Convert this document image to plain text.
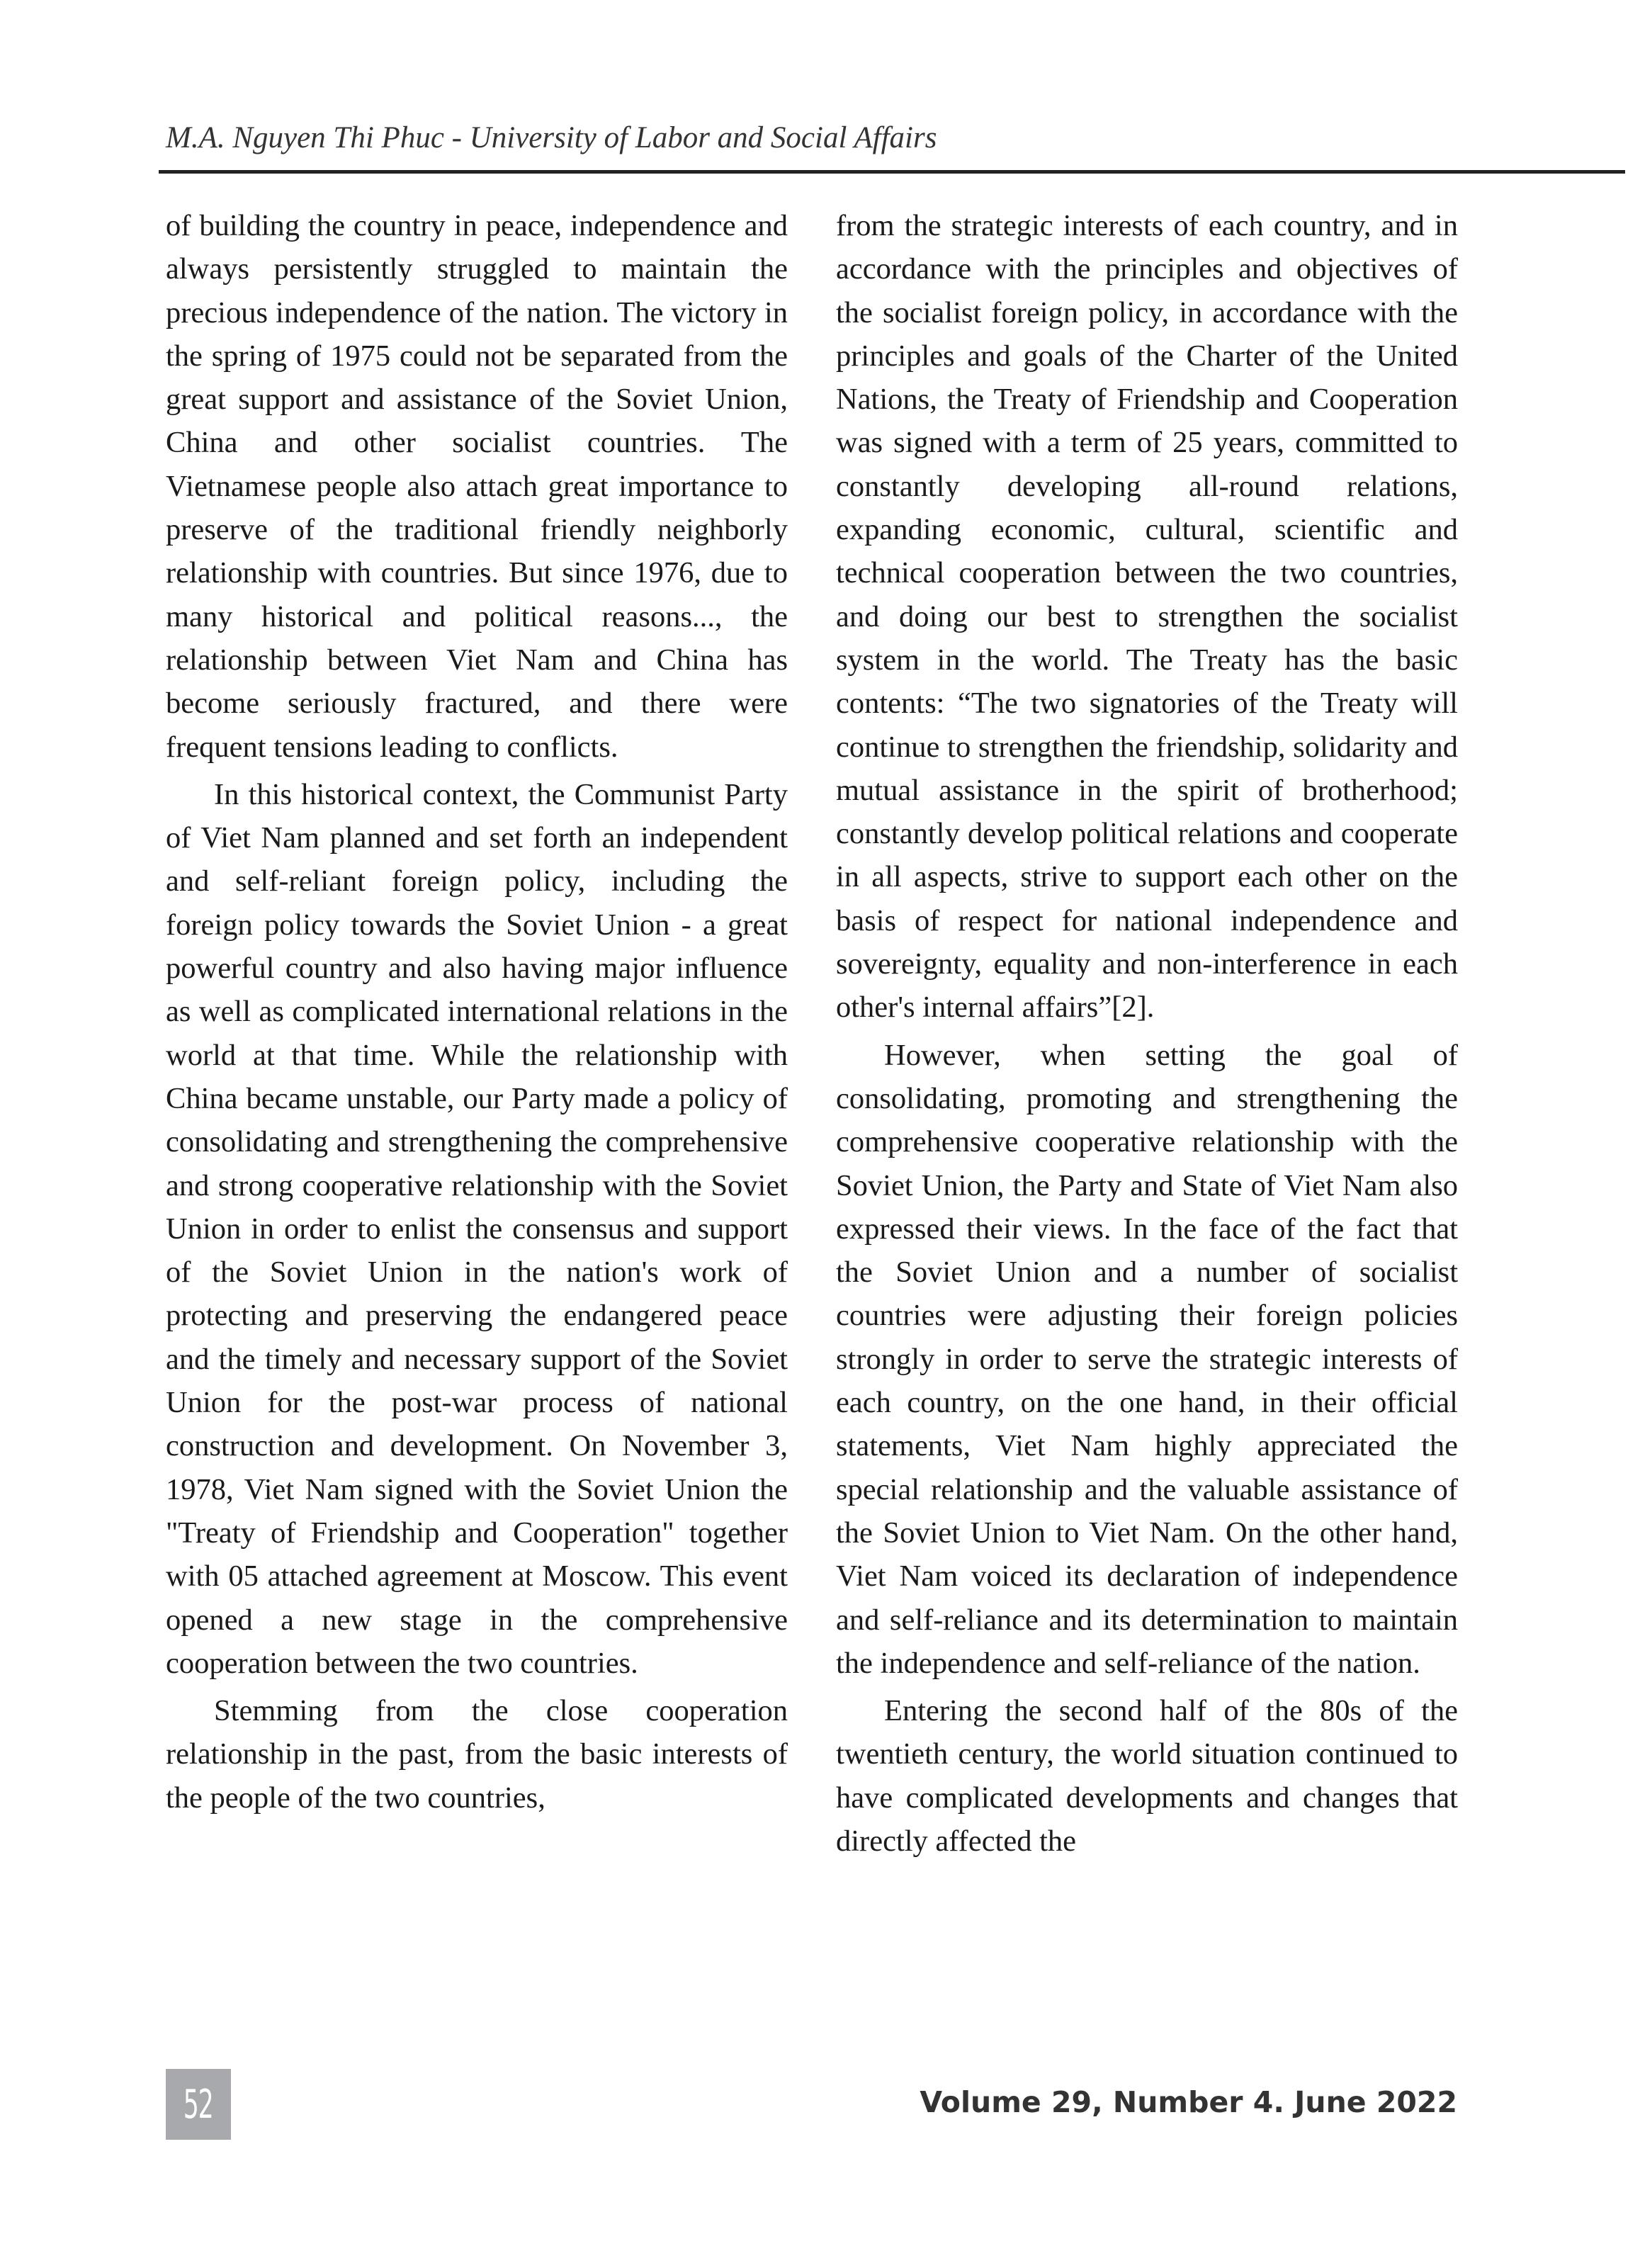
M.A. Nguyen Thi Phuc - University of Labor and Social Affairs

of building the country in peace, independence and always persistently struggled to maintain the precious independence of the nation. The victory in the spring of 1975 could not be separated from the great support and assistance of the Soviet Union, China and other socialist countries. The Vietnamese people also attach great importance to preserve of the traditional friendly neighborly relationship with countries. But since 1976, due to many historical and political reasons..., the relationship between Viet Nam and China has become seriously fractured, and there were frequent tensions leading to conflicts.

In this historical context, the Communist Party of Viet Nam planned and set forth an independent and self-reliant foreign policy, including the foreign policy towards the Soviet Union - a great powerful country and also having major influence as well as complicated international relations in the world at that time. While the relationship with China became unstable, our Party made a policy of consolidating and strengthening the comprehensive and strong cooperative relationship with the Soviet Union in order to enlist the consensus and support of the Soviet Union in the nation's work of protecting and preserving the endangered peace and the timely and necessary support of the Soviet Union for the post-war process of national construction and development. On November 3, 1978, Viet Nam signed with the Soviet Union the "Treaty of Friendship and Cooperation" together with 05 attached agreement at Moscow. This event opened a new stage in the comprehensive cooperation between the two countries.

Stemming from the close cooperation relationship in the past, from the basic interests of the people of the two countries,

from the strategic interests of each country, and in accordance with the principles and objectives of the socialist foreign policy, in accordance with the principles and goals of the Charter of the United Nations, the Treaty of Friendship and Cooperation was signed with a term of 25 years, committed to constantly developing all-round relations, expanding economic, cultural, scientific and technical cooperation between the two countries, and doing our best to strengthen the socialist system in the world. The Treaty has the basic contents: “The two signatories of the Treaty will continue to strengthen the friendship, solidarity and mutual assistance in the spirit of brotherhood; constantly develop political relations and cooperate in all aspects, strive to support each other on the basis of respect for national independence and sovereignty, equality and non-interference in each other's internal affairs”[2].

However, when setting the goal of consolidating, promoting and strengthening the comprehensive cooperative relationship with the Soviet Union, the Party and State of Viet Nam also expressed their views. In the face of the fact that the Soviet Union and a number of socialist countries were adjusting their foreign policies strongly in order to serve the strategic interests of each country, on the one hand, in their official statements, Viet Nam highly appreciated the special relationship and the valuable assistance of the Soviet Union to Viet Nam. On the other hand, Viet Nam voiced its declaration of independence and self-reliance and its determination to maintain the independence and self-reliance of the nation.

Entering the second half of the 80s of the twentieth century, the world situation continued to have complicated developments and changes that directly affected the

52	Volume 29, Number 4. June 2022
